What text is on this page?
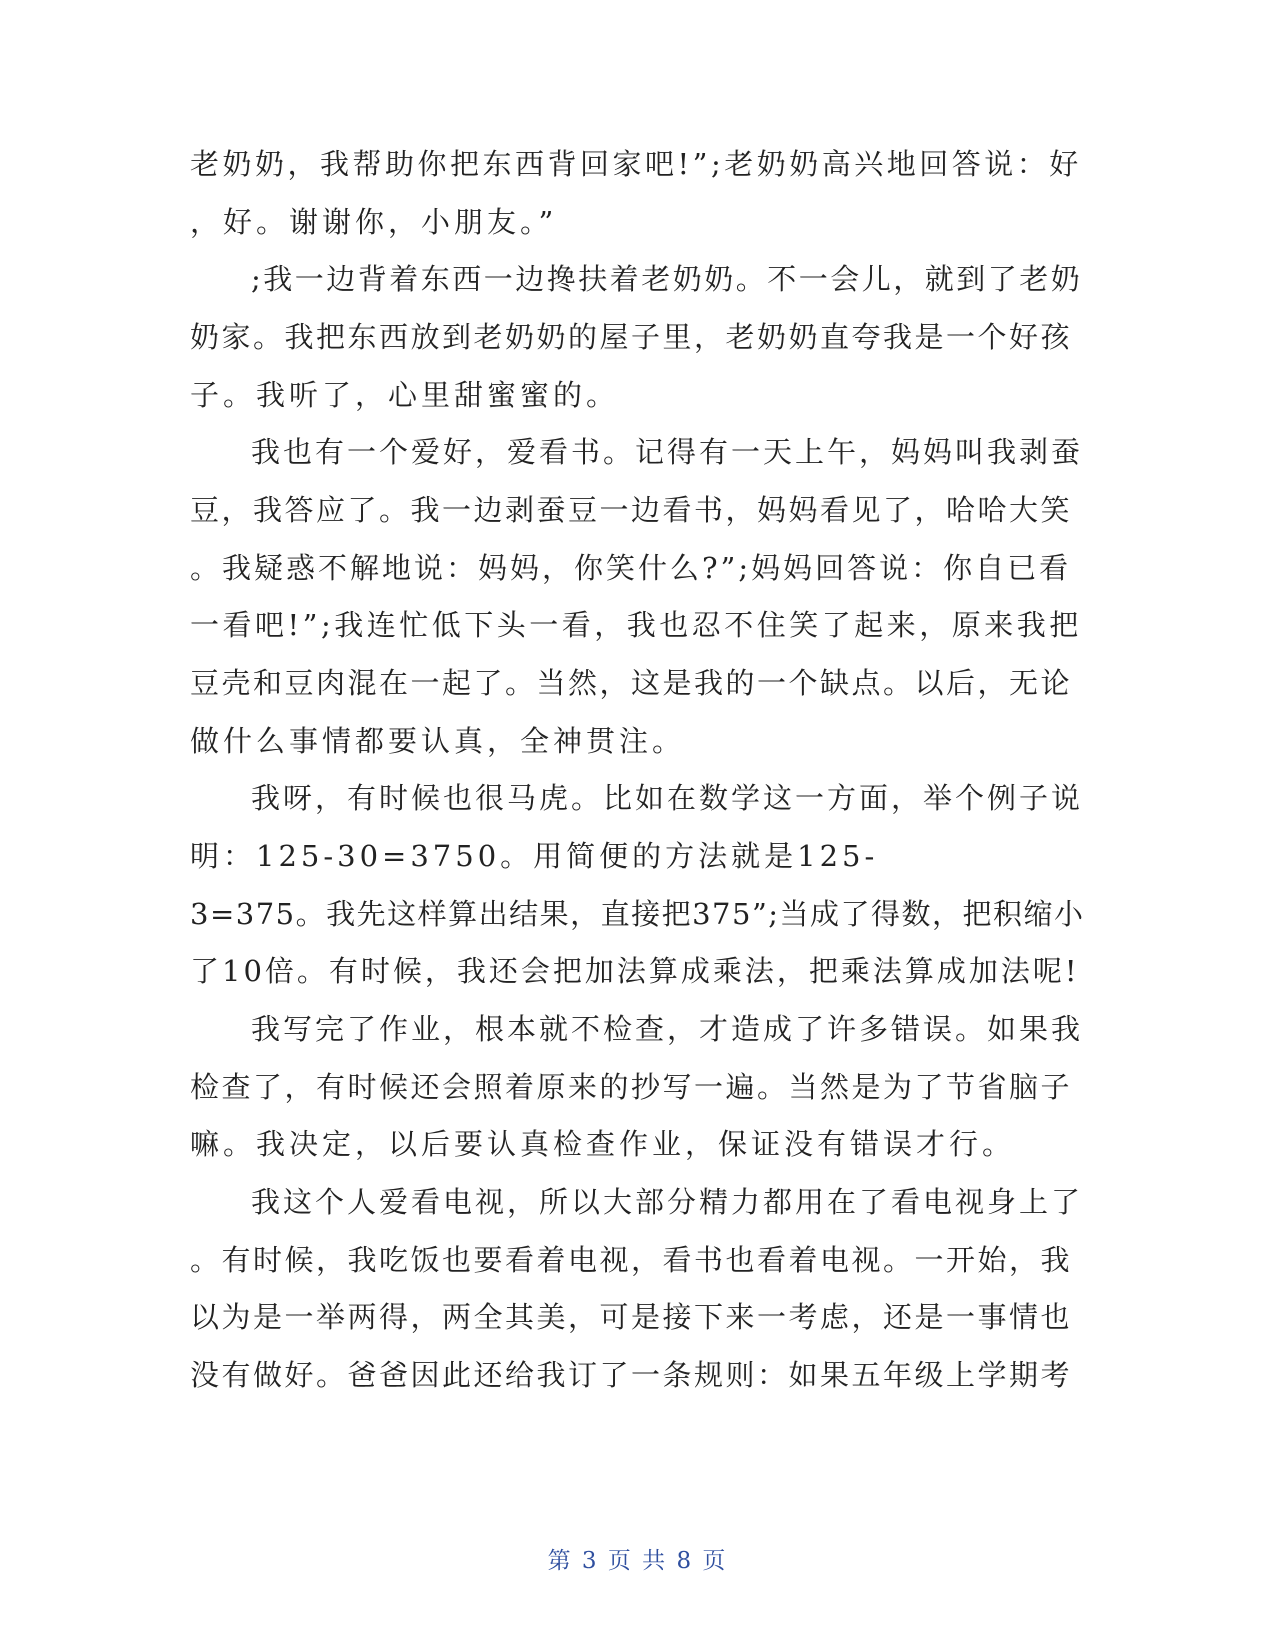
老奶奶，我帮助你把东西背回家吧!”;老奶奶高兴地回答说：好
，好。谢谢你，小朋友。”
;我一边背着东西一边搀扶着老奶奶。不一会儿，就到了老奶
奶家。我把东西放到老奶奶的屋子里，老奶奶直夸我是一个好孩
子。我听了，心里甜蜜蜜的。
我也有一个爱好，爱看书。记得有一天上午，妈妈叫我剥蚕
豆，我答应了。我一边剥蚕豆一边看书，妈妈看见了，哈哈大笑
。我疑惑不解地说：妈妈，你笑什么?”;妈妈回答说：你自已看
一看吧!”;我连忙低下头一看，我也忍不住笑了起来，原来我把
豆壳和豆肉混在一起了。当然，这是我的一个缺点。以后，无论
做什么事情都要认真，全神贯注。
我呀，有时候也很马虎。比如在数学这一方面，举个例子说
明：125-30=3750。用简便的方法就是125-
3=375。我先这样算出结果，直接把375”;当成了得数，把积缩小
了10倍。有时候，我还会把加法算成乘法，把乘法算成加法呢!
我写完了作业，根本就不检查，才造成了许多错误。如果我
检查了，有时候还会照着原来的抄写一遍。当然是为了节省脑子
嘛。我决定，以后要认真检查作业，保证没有错误才行。
我这个人爱看电视，所以大部分精力都用在了看电视身上了
。有时候，我吃饭也要看着电视，看书也看着电视。一开始，我
以为是一举两得，两全其美，可是接下来一考虑，还是一事情也
没有做好。爸爸因此还给我订了一条规则：如果五年级上学期考
第 3 页 共 8 页
